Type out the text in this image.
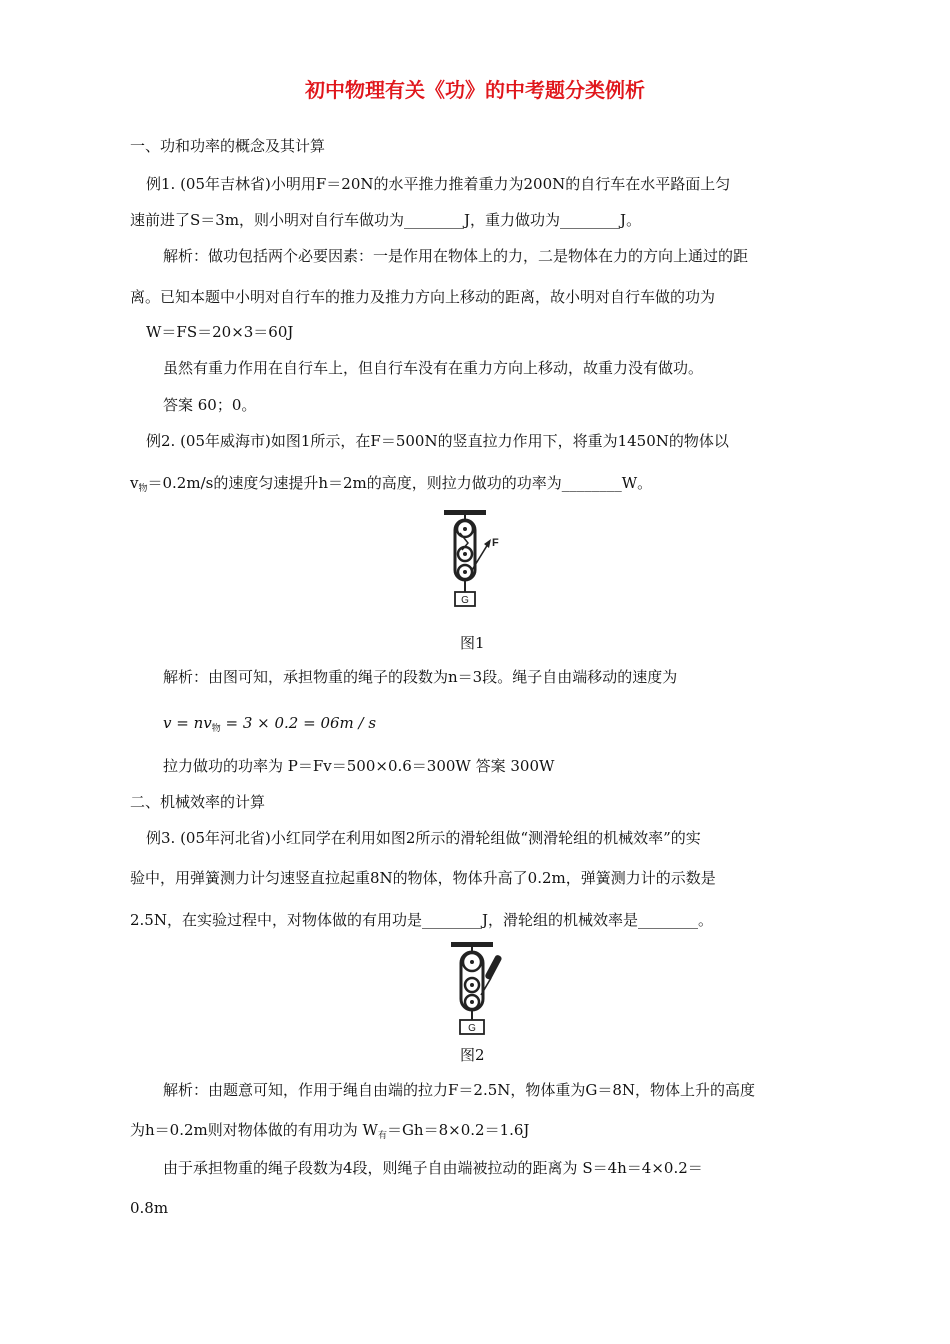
初中物理有关《功》的中考题分类例析
一、功和功率的概念及其计算
例1. (05年吉林省)小明用F＝20N的水平推力推着重力为200N的自行车在水平路面上匀
速前进了S＝3m，则小明对自行车做功为________J，重力做功为________J。
解析：做功包括两个必要因素：一是作用在物体上的力，二是物体在力的方向上通过的距
离。已知本题中小明对自行车的推力及推力方向上移动的距离，故小明对自行车做的功为
W＝FS＝20×3＝60J
虽然有重力作用在自行车上，但自行车没有在重力方向上移动，故重力没有做功。
答案 60；0。
例2. (05年威海市)如图1所示，在F＝500N的竖直拉力作用下，将重为1450N的物体以
$v_物=0.2m/s$的速度匀速提升h＝2m的高度，则拉力做功的功率为________W。
F
G
图1
解析：由图可知，承担物重的绳子的段数为n＝3段。绳子自由端移动的速度为
$v = nv_物 = 3 \times 0.2 = 06m / s$
拉力做功的功率为 P＝Fv＝500×0.6＝300W 答案 300W
二、机械效率的计算
例3. (05年河北省)小红同学在利用如图2所示的滑轮组做“测滑轮组的机械效率”的实
验中，用弹簧测力计匀速竖直拉起重8N的物体，物体升高了0.2m，弹簧测力计的示数是
2.5N，在实验过程中，对物体做的有用功是________J，滑轮组的机械效率是________。
G
图2
解析：由题意可知，作用于绳自由端的拉力F＝2.5N，物体重为G＝8N，物体上升的高度
为h＝0.2m则对物体做的有用功为 $W_有=Gh=8\times 0.2=1.6J$
由于承担物重的绳子段数为4段，则绳子自由端被拉动的距离为 S＝4h＝4×0.2＝
0.8m
